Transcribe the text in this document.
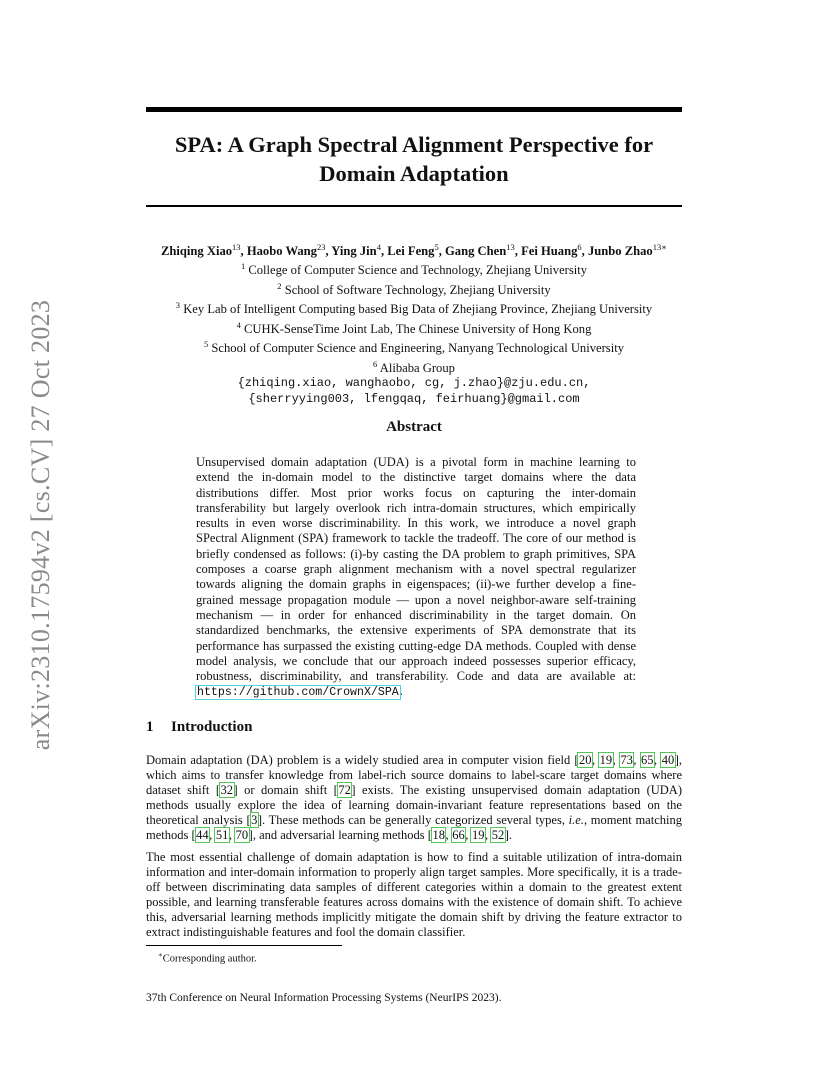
arXiv:2310.17594v2 [cs.CV] 27 Oct 2023
SPA: A Graph Spectral Alignment Perspective for
Domain Adaptation
Zhiqing Xiao$^{13}$, Haobo Wang$^{23}$, Ying Jin$^4$, Lei Feng$^5$, Gang Chen$^{13}$, Fei Huang$^6$, Junbo Zhao$^{13∗}$
$^1$ College of Computer Science and Technology, Zhejiang University
$^2$ School of Software Technology, Zhejiang University
$^3$ Key Lab of Intelligent Computing based Big Data of Zhejiang Province, Zhejiang University
$^4$ CUHK-SenseTime Joint Lab, The Chinese University of Hong Kong
$^5$ School of Computer Science and Engineering, Nanyang Technological University
$^6$ Alibaba Group
{zhiqing.xiao, wanghaobo, cg, j.zhao}@zju.edu.cn,
{sherryying003, lfengqaq, feirhuang}@gmail.com
Abstract
Unsupervised domain adaptation (UDA) is a pivotal form in machine learning to extend the in-domain model to the distinctive target domains where the data distributions differ. Most prior works focus on capturing the inter-domain transferability but largely overlook rich intra-domain structures, which empirically results in even worse discriminability. In this work, we introduce a novel graph SPectral Alignment (SPA) framework to tackle the tradeoff. The core of our method is briefly condensed as follows: (i)-by casting the DA problem to graph primitives, SPA composes a coarse graph alignment mechanism with a novel spectral regularizer towards aligning the domain graphs in eigenspaces; (ii)-we further develop a fine-grained message propagation module — upon a novel neighbor-aware self-training mechanism — in order for enhanced discriminability in the target domain. On standardized benchmarks, the extensive experiments of SPA demonstrate that its performance has surpassed the existing cutting-edge DA methods. Coupled with dense model analysis, we conclude that our approach indeed possesses superior efficacy, robustness, discriminability, and transferability. Code and data are available at: https://github.com/CrownX/SPA.
1 Introduction
Domain adaptation (DA) problem is a widely studied area in computer vision field [20, 19, 73, 65, 40], which aims to transfer knowledge from label-rich source domains to label-scare target domains where dataset shift [32] or domain shift [72] exists. The existing unsupervised domain adaptation (UDA) methods usually explore the idea of learning domain-invariant feature representations based on the theoretical analysis [3]. These methods can be generally categorized several types, i.e., moment matching methods [44, 51, 70], and adversarial learning methods [18, 66, 19, 52].
The most essential challenge of domain adaptation is how to find a suitable utilization of intra-domain information and inter-domain information to properly align target samples. More specifically, it is a trade-off between discriminating data samples of different categories within a domain to the greatest extent possible, and learning transferable features across domains with the existence of domain shift. To achieve this, adversarial learning methods implicitly mitigate the domain shift by driving the feature extractor to extract indistinguishable features and fool the domain classifier.
∗Corresponding author.
37th Conference on Neural Information Processing Systems (NeurIPS 2023).
